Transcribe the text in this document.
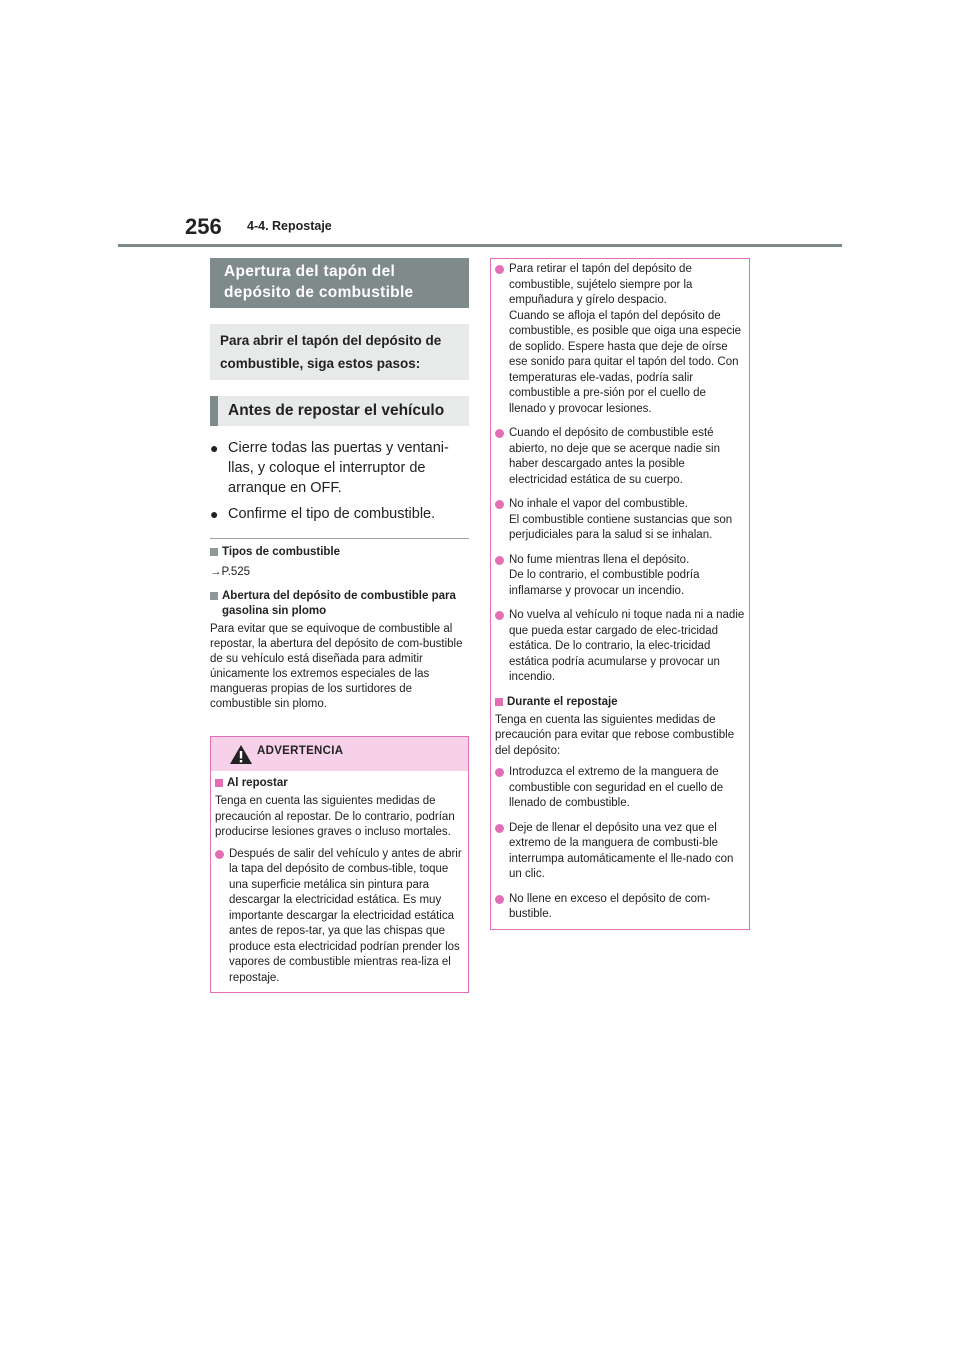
256 4-4. Repostaje
Apertura del tapón del depósito de combustible
Para abrir el tapón del depósito de combustible, siga estos pasos:
Antes de repostar el vehículo
● Cierre todas las puertas y ventani-llas, y coloque el interruptor de arranque en OFF.
● Confirme el tipo de combustible.
Tipos de combustible
→P.525
Abertura del depósito de combustible para gasolina sin plomo
Para evitar que se equivoque de combustible al repostar, la abertura del depósito de com-bustible de su vehículo está diseñada para admitir únicamente los extremos especiales de las mangueras propias de los surtidores de combustible sin plomo.
ADVERTENCIA
Al repostar
Tenga en cuenta las siguientes medidas de precaución al repostar. De lo contrario, podrían producirse lesiones graves o incluso mortales.
Después de salir del vehículo y antes de abrir la tapa del depósito de combus-tible, toque una superficie metálica sin pintura para descargar la electricidad estática. Es muy importante descargar la electricidad estática antes de repos-tar, ya que las chispas que produce esta electricidad podrían prender los vapores de combustible mientras rea-liza el repostaje.
Para retirar el tapón del depósito de combustible, sujételo siempre por la empuñadura y gírelo despacio.
Cuando se afloja el tapón del depósito de combustible, es posible que oiga una especie de soplido. Espere hasta que deje de oírse ese sonido para quitar el tapón del todo. Con temperaturas ele-vadas, podría salir combustible a pre-sión por el cuello de llenado y provocar lesiones.
Cuando el depósito de combustible esté abierto, no deje que se acerque nadie sin haber descargado antes la posible electricidad estática de su cuerpo.
No inhale el vapor del combustible.
El combustible contiene sustancias que son perjudiciales para la salud si se inhalan.
No fume mientras llena el depósito.
De lo contrario, el combustible podría inflamarse y provocar un incendio.
No vuelva al vehículo ni toque nada ni a nadie que pueda estar cargado de elec-tricidad estática. De lo contrario, la elec-tricidad estática podría acumularse y provocar un incendio.
Durante el repostaje
Tenga en cuenta las siguientes medidas de precaución para evitar que rebose combustible del depósito:
Introduzca el extremo de la manguera de combustible con seguridad en el cuello de llenado de combustible.
Deje de llenar el depósito una vez que el extremo de la manguera de combusti-ble interrumpa automáticamente el lle-nado con un clic.
No llene en exceso el depósito de com-bustible.
